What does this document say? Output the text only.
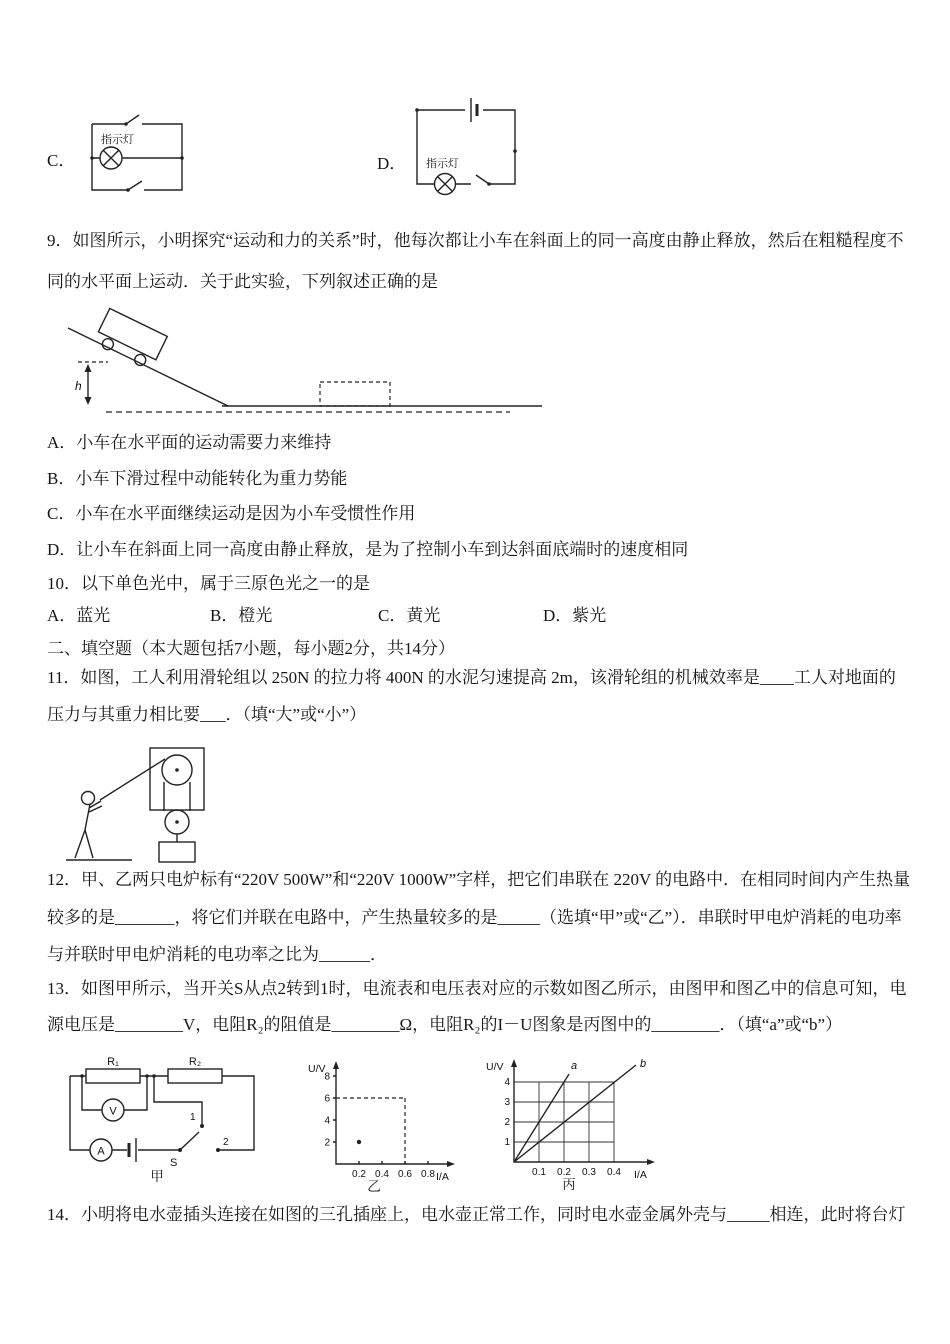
C．
指示灯
D． 指示灯
9．如图所示，小明探究“运动和力的关系”时，他每次都让小车在斜面上的同一高度由静止释放，然后在粗糙程度不同的水平面上运动．关于此实验，下列叙述正确的是
h
A．小车在水平面的运动需要力来维持
B．小车下滑过程中动能转化为重力势能
C．小车在水平面继续运动是因为小车受惯性作用
D．让小车在斜面上同一高度由静止释放，是为了控制小车到达斜面底端时的速度相同
10．以下单色光中，属于三原色光之一的是
A．蓝光	B．橙光	C．黄光	D．紫光
二、填空题（本大题包括7小题，每小题2分，共14分）
11．如图，工人利用滑轮组以 250N 的拉力将 400N 的水泥匀速提高 2m，该滑轮组的机械效率是____工人对地面的压力与其重力相比要___．（填“大”或“小”）
12．甲、乙两只电炉标有“220V 500W”和“220V 1000W”字样，把它们串联在 220V 的电路中．在相同时间内产生热量较多的是_______，将它们并联在电路中，产生热量较多的是_____（选填“甲”或“乙”）．串联时甲电炉消耗的电功率与并联时甲电炉消耗的电功率之比为______．
13．如图甲所示，当开关S从点2转到1时，电流表和电压表对应的示数如图乙所示，由图甲和图乙中的信息可知，电源电压是________V，电阻R₂的阻值是________Ω，电阻R₂的I－U图象是丙图中的________．（填“a”或“b”）
R₁	R₂
V
A
1
2
S
甲
U/V
I/A
2
4
6
8
0.2 0.4 0.6 0.8
乙
U/V
I/A
1
2
3
4
0.1 0.2 0.3 0.4
a	b
丙
14．小明将电水壶插头连接在如图的三孔插座上，电水壶正常工作，同时电水壶金属外壳与_____相连，此时将台灯
